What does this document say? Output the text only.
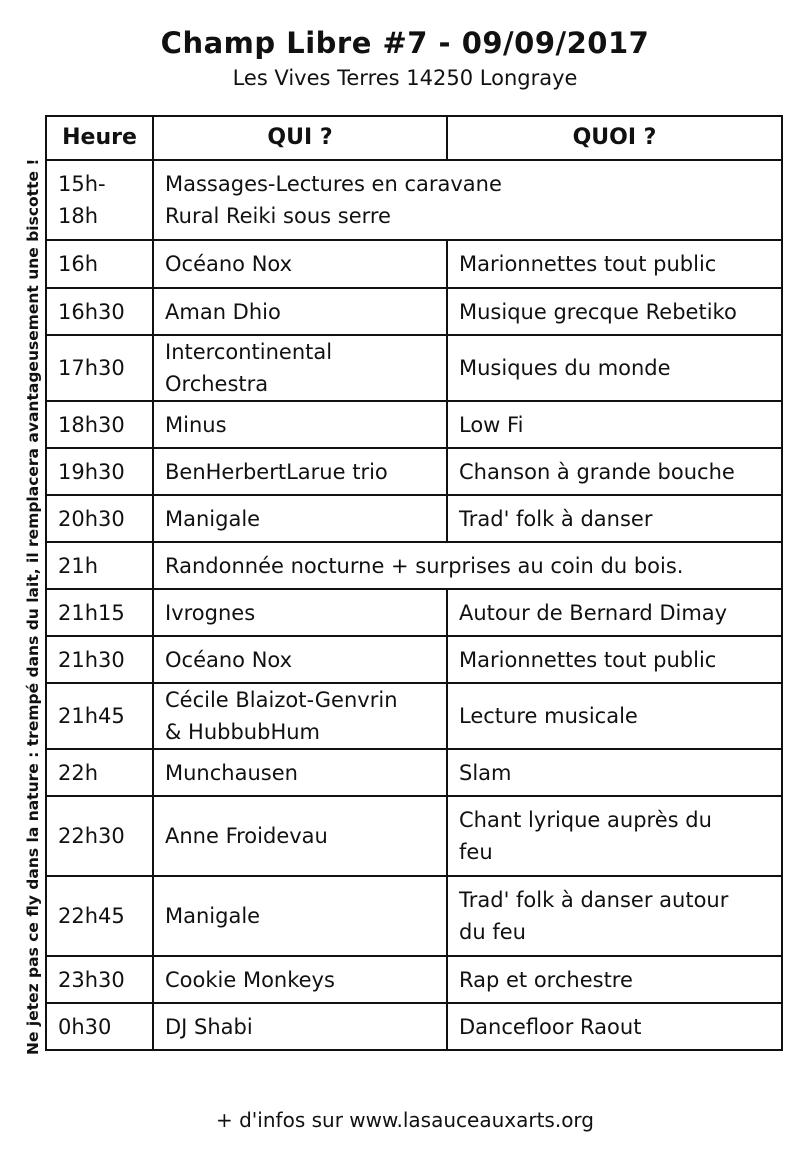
Champ Libre #7 - 09/09/2017
Les Vives Terres 14250 Longraye
Ne jetez pas ce fly dans la nature : trempé dans du lait, il remplacera avantageusement une biscotte !
Heure	QUI ?	QUOI ?
15h-18h	Massages-Lectures en caravane
Rural Reiki sous serre	

16h	Océano Nox	Marionnettes tout public

16h30	Aman Dhio	Musique grecque Rebetiko

17h30	Intercontinental
Orchestra	Musiques du monde

18h30	Minus	Low Fi

19h30	BenHerbertLarue trio	Chanson à grande bouche

20h30	Manigale	Trad' folk à danser

21h	Randonnée nocturne + surprises au coin du bois.	

21h15	Ivrognes	Autour de Bernard Dimay

21h30	Océano Nox	Marionnettes tout public

21h45	Cécile Blaizot-Genvrin
& HubbubHum	Lecture musicale

22h	Munchausen	Slam

22h30	Anne Froidevau	Chant lyrique auprès du
feu

22h45	Manigale	Trad' folk à danser autour
du feu

23h30	Cookie Monkeys	Rap et orchestre

0h30	DJ Shabi	Dancefloor Raout
+ d'infos sur www.lasauceauxarts.org
